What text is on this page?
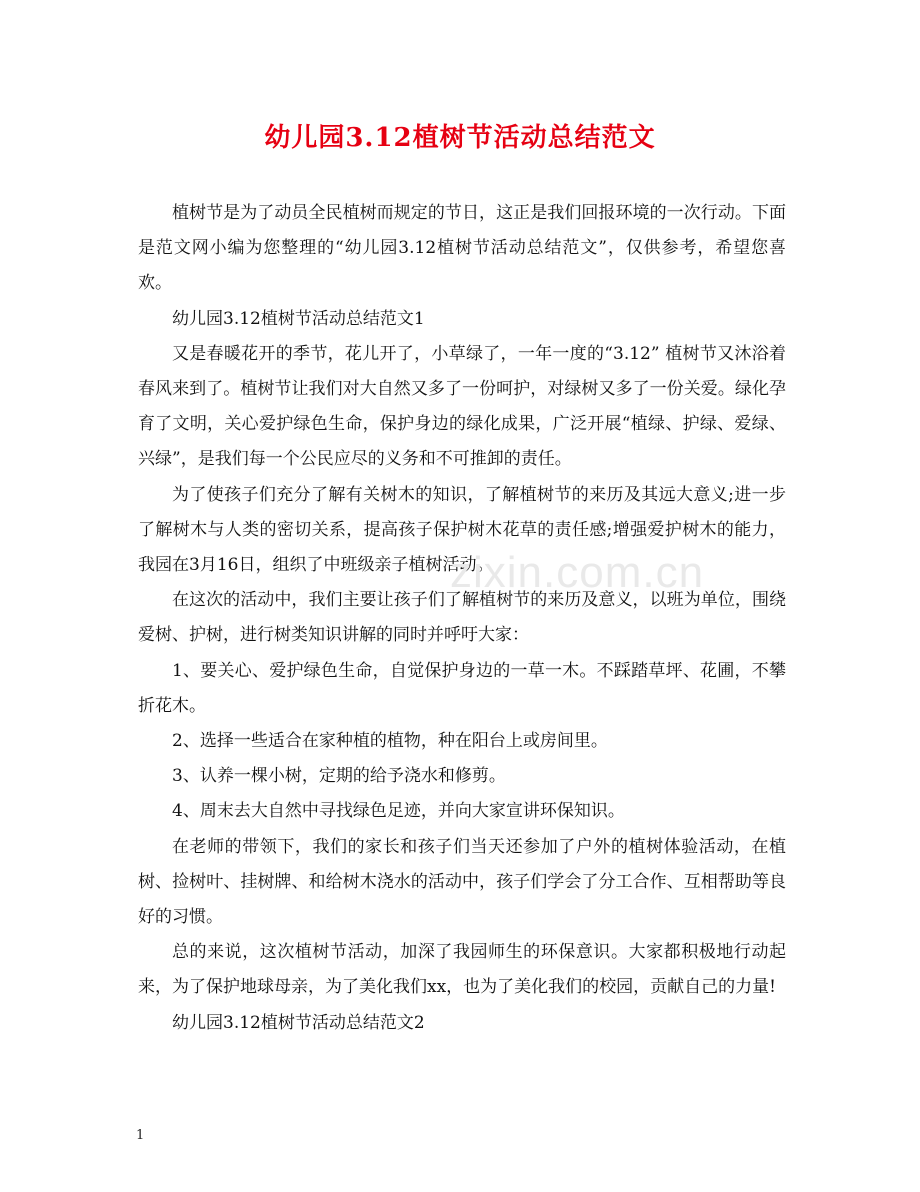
幼儿园3.12植树节活动总结范文

植树节是为了动员全民植树而规定的节日，这正是我们回报环境的一次行动。下面是范文网小编为您整理的“幼儿园3.12植树节活动总结范文”，仅供参考，希望您喜欢。

幼儿园3.12植树节活动总结范文1

又是春暖花开的季节，花儿开了，小草绿了，一年一度的“3.12” 植树节又沐浴着春风来到了。植树节让我们对大自然又多了一份呵护，对绿树又多了一份关爱。绿化孕育了文明，关心爱护绿色生命，保护身边的绿化成果，广泛开展“植绿、护绿、爱绿、兴绿”，是我们每一个公民应尽的义务和不可推卸的责任。

为了使孩子们充分了解有关树木的知识，了解植树节的来历及其远大意义;进一步了解树木与人类的密切关系，提高孩子保护树木花草的责任感;增强爱护树木的能力，我园在3月16日，组织了中班级亲子植树活动。

在这次的活动中，我们主要让孩子们了解植树节的来历及意义，以班为单位，围绕爱树、护树，进行树类知识讲解的同时并呼吁大家：

1、要关心、爱护绿色生命，自觉保护身边的一草一木。不踩踏草坪、花圃，不攀折花木。

2、选择一些适合在家种植的植物，种在阳台上或房间里。

3、认养一棵小树，定期的给予浇水和修剪。

4、周末去大自然中寻找绿色足迹，并向大家宣讲环保知识。

在老师的带领下，我们的家长和孩子们当天还参加了户外的植树体验活动，在植树、捡树叶、挂树牌、和给树木浇水的活动中，孩子们学会了分工合作、互相帮助等良好的习惯。

总的来说，这次植树节活动，加深了我园师生的环保意识。大家都积极地行动起来，为了保护地球母亲，为了美化我们xx，也为了美化我们的校园，贡献自己的力量!

幼儿园3.12植树节活动总结范文2

zixin.com.cn
1
